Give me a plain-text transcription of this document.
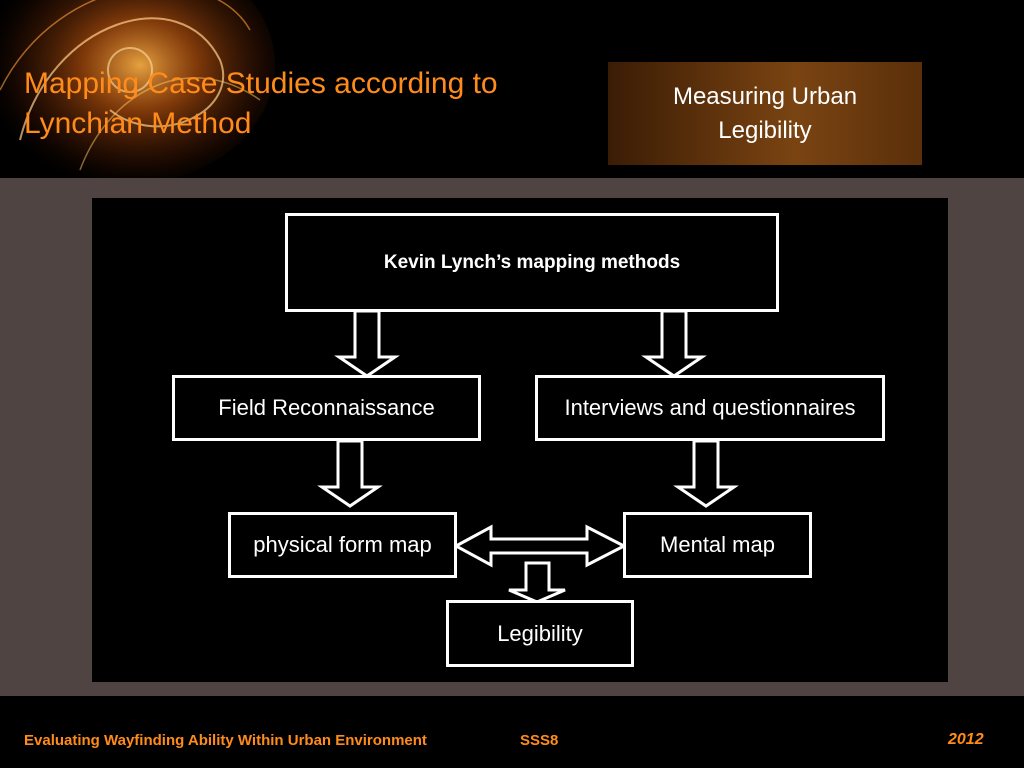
Mapping Case Studies according to
Lynchian Method
Measuring Urban
Legibility
Kevin Lynch’s mapping methods
Field Reconnaissance	Interviews and questionnaires
physical form map	Mental map
Legibility
Evaluating Wayfinding Ability Within Urban Environment	SSS8	2012
